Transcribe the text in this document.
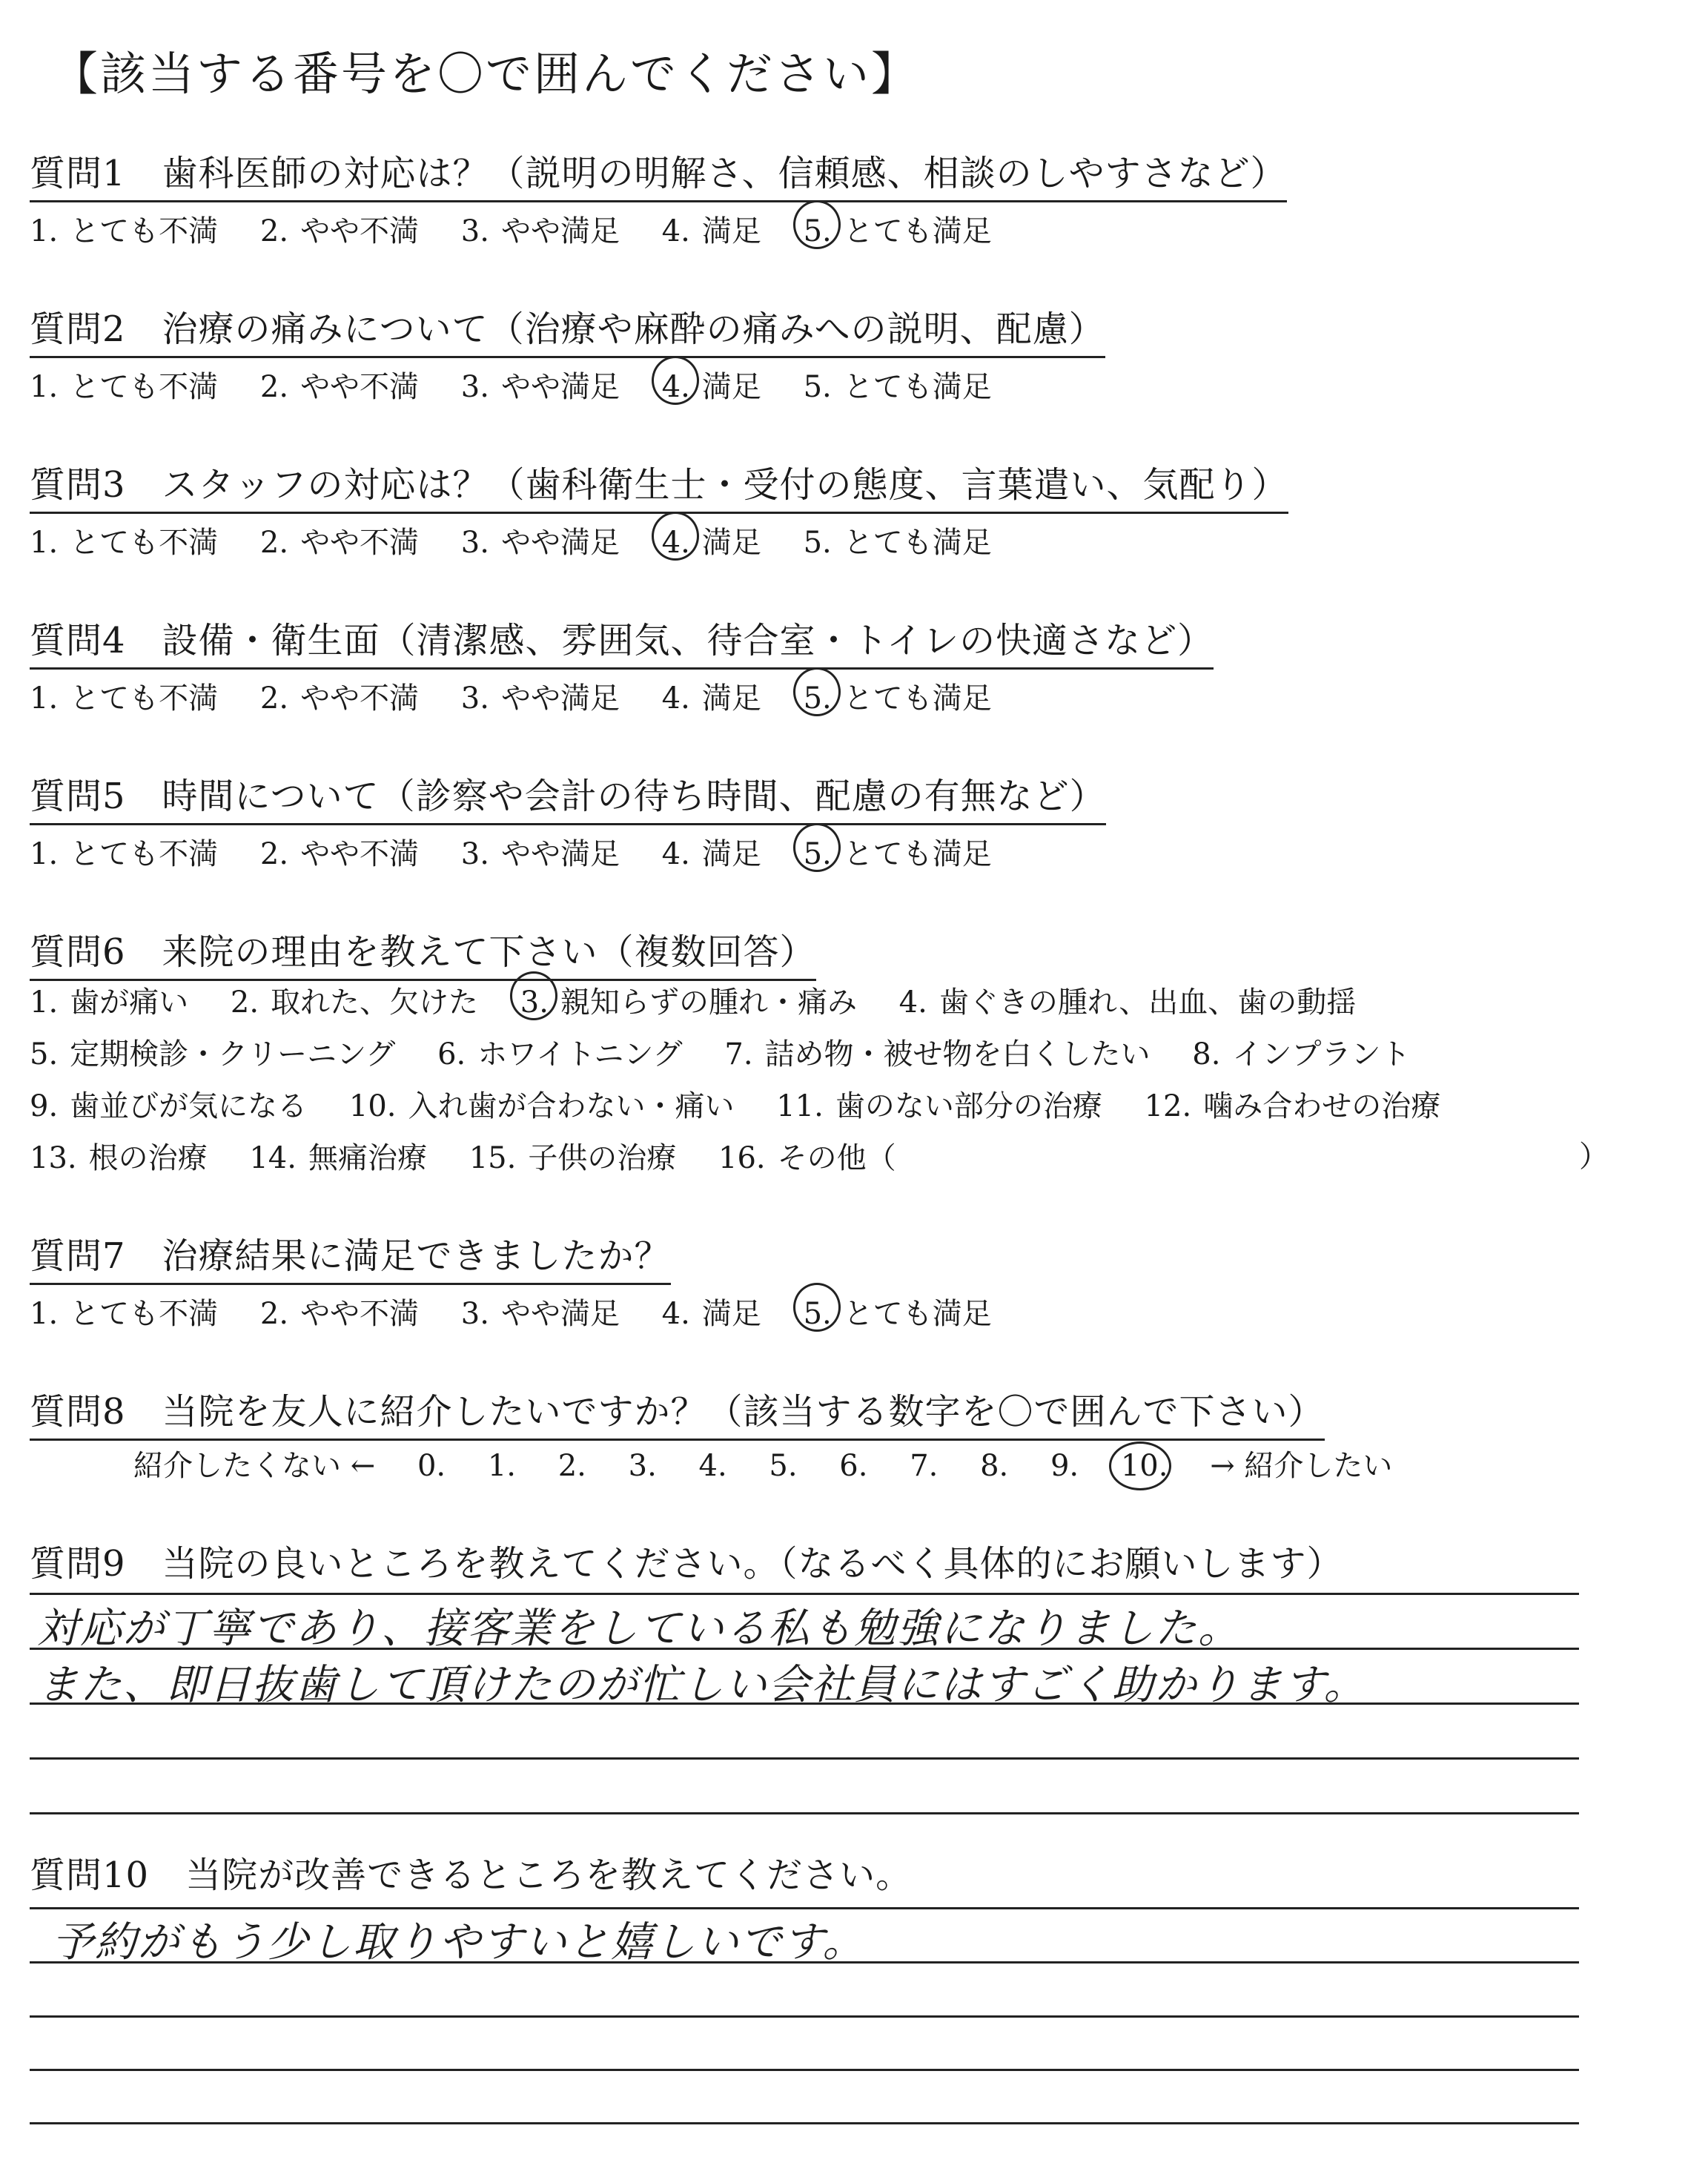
【該当する番号を〇で囲んでください】
質問1　歯科医師の対応は？（説明の明解さ、信頼感、相談のしやすさなど）
1. とても不満 2. やや不満 3. やや満足 4. 満足 5. とても満足
質問2　治療の痛みについて（治療や麻酔の痛みへの説明、配慮）
1. とても不満 2. やや不満 3. やや満足 4. 満足 5. とても満足
質問3　スタッフの対応は？（歯科衛生士・受付の態度、言葉遣い、気配り）
1. とても不満 2. やや不満 3. やや満足 4. 満足 5. とても満足
質問4　設備・衛生面（清潔感、雰囲気、待合室・トイレの快適さなど）
1. とても不満 2. やや不満 3. やや満足 4. 満足 5. とても満足
質問5　時間について（診察や会計の待ち時間、配慮の有無など）
1. とても不満 2. やや不満 3. やや満足 4. 満足 5. とても満足
質問6　来院の理由を教えて下さい（複数回答）
1. 歯が痛い 2. 取れた、欠けた 3. 親知らずの腫れ・痛み 4. 歯ぐきの腫れ、出血、歯の動揺
5. 定期検診・クリーニング 6. ホワイトニング 7. 詰め物・被せ物を白くしたい 8. インプラント
9. 歯並びが気になる 10. 入れ歯が合わない・痛い 11. 歯のない部分の治療 12. 噛み合わせの治療
13. 根の治療 14. 無痛治療 15. 子供の治療 16. その他（	）
質問7　治療結果に満足できましたか？
1. とても不満 2. やや不満 3. やや満足 4. 満足 5. とても満足
質問8　当院を友人に紹介したいですか？（該当する数字を〇で囲んで下さい）
紹介したくない ← 0. 1. 2. 3. 4. 5. 6. 7. 8. 9. 10. → 紹介したい
質問9　当院の良いところを教えてください。（なるべく具体的にお願いします）
対応が丁寧であり、接客業をしている私も勉強になりました。
また、即日抜歯して頂けたのが忙しい会社員にはすごく助かります。
質問10　当院が改善できるところを教えてください。
予約がもう少し取りやすいと嬉しいです。
